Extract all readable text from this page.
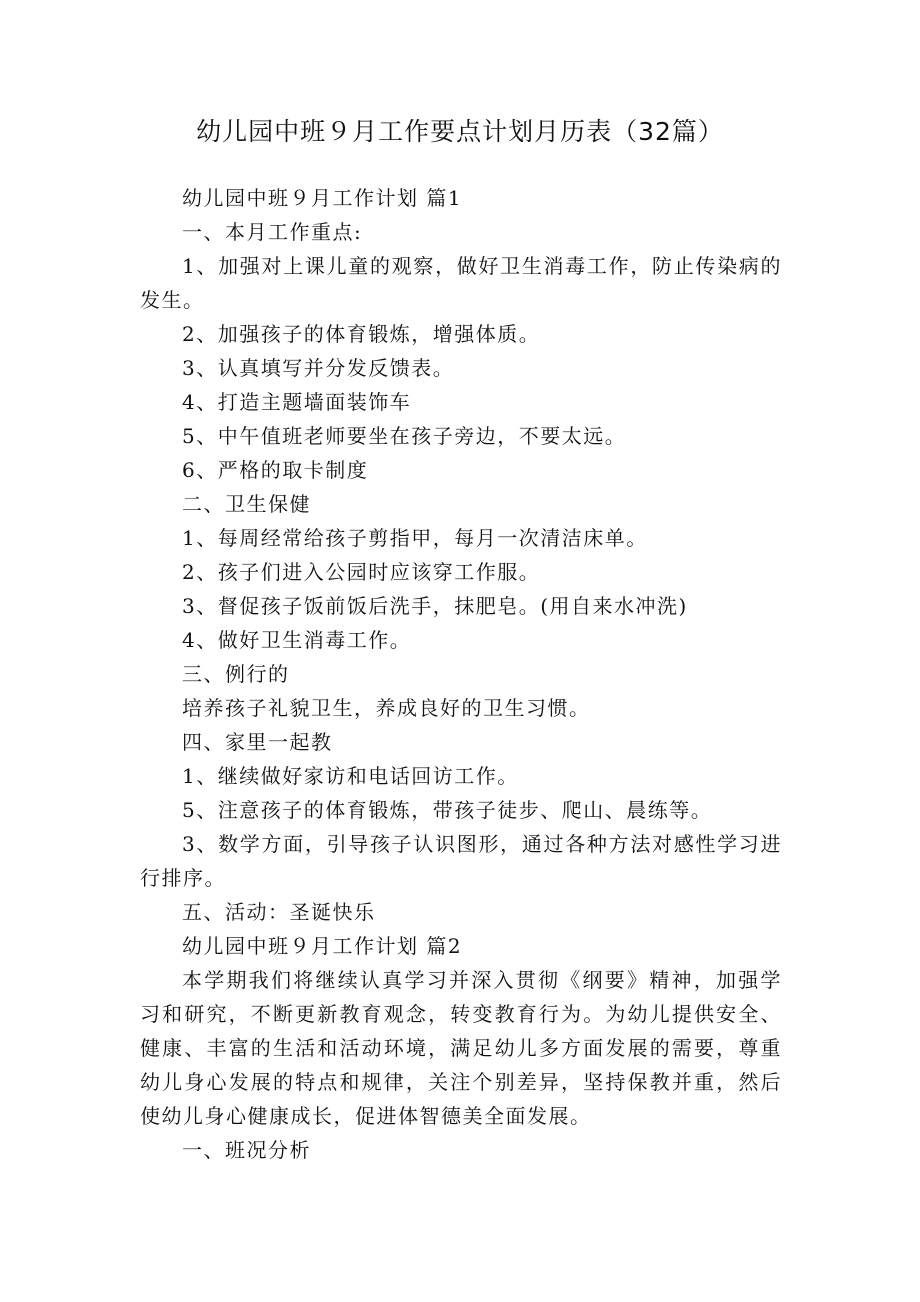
幼儿园中班９月工作要点计划月历表（32篇）

幼儿园中班９月工作计划 篇1

一、本月工作重点:

1、加强对上课儿童的观察，做好卫生消毒工作，防止传染病的发生。

2、加强孩子的体育锻炼，增强体质。

3、认真填写并分发反馈表。

4、打造主题墙面装饰车

5、中午值班老师要坐在孩子旁边，不要太远。

6、严格的取卡制度

二、卫生保健

1、每周经常给孩子剪指甲，每月一次清洁床单。

2、孩子们进入公园时应该穿工作服。

3、督促孩子饭前饭后洗手，抹肥皂。(用自来水冲洗)

4、做好卫生消毒工作。

三、例行的

培养孩子礼貌卫生，养成良好的卫生习惯。

四、家里一起教

1、继续做好家访和电话回访工作。

5、注意孩子的体育锻炼，带孩子徒步、爬山、晨练等。

3、数学方面，引导孩子认识图形，通过各种方法对感性学习进行排序。

五、活动：圣诞快乐

幼儿园中班９月工作计划 篇2

本学期我们将继续认真学习并深入贯彻《纲要》精神，加强学习和研究，不断更新教育观念，转变教育行为。为幼儿提供安全、健康、丰富的生活和活动环境，满足幼儿多方面发展的需要，尊重幼儿身心发展的特点和规律，关注个别差异，坚持保教并重，然后使幼儿身心健康成长，促进体智德美全面发展。

一、班况分析
